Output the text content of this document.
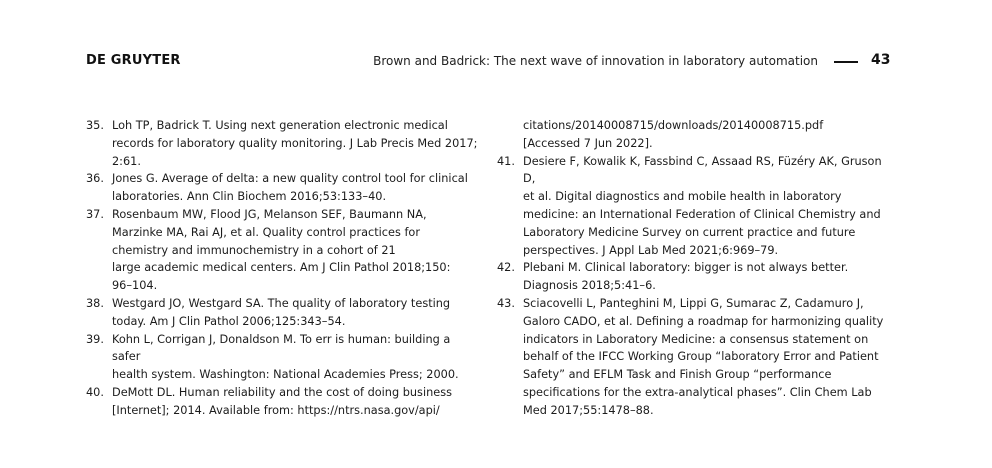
DE GRUYTER	Brown and Badrick: The next wave of innovation in laboratory automation	43
35. Loh TP, Badrick T. Using next generation electronic medical
records for laboratory quality monitoring. J Lab Precis Med 2017;
2:61.
36. Jones G. Average of delta: a new quality control tool for clinical
laboratories. Ann Clin Biochem 2016;53:133–40.
37. Rosenbaum MW, Flood JG, Melanson SEF, Baumann NA,
Marzinke MA, Rai AJ, et al. Quality control practices for
chemistry and immunochemistry in a cohort of 21
large academic medical centers. Am J Clin Pathol 2018;150:
96–104.
38. Westgard JO, Westgard SA. The quality of laboratory testing
today. Am J Clin Pathol 2006;125:343–54.
39. Kohn L, Corrigan J, Donaldson M. To err is human: building a safer
health system. Washington: National Academies Press; 2000.
40. DeMott DL. Human reliability and the cost of doing business
[Internet]; 2014. Available from: https://ntrs.nasa.gov/api/
citations/20140008715/downloads/20140008715.pdf
[Accessed 7 Jun 2022].
41. Desiere F, Kowalik K, Fassbind C, Assaad RS, Füzéry AK, Gruson D,
et al. Digital diagnostics and mobile health in laboratory
medicine: an International Federation of Clinical Chemistry and
Laboratory Medicine Survey on current practice and future
perspectives. J Appl Lab Med 2021;6:969–79.
42. Plebani M. Clinical laboratory: bigger is not always better.
Diagnosis 2018;5:41–6.
43. Sciacovelli L, Panteghini M, Lippi G, Sumarac Z, Cadamuro J,
Galoro CADO, et al. Defining a roadmap for harmonizing quality
indicators in Laboratory Medicine: a consensus statement on
behalf of the IFCC Working Group “laboratory Error and Patient
Safety” and EFLM Task and Finish Group “performance
specifications for the extra-analytical phases”. Clin Chem Lab
Med 2017;55:1478–88.
